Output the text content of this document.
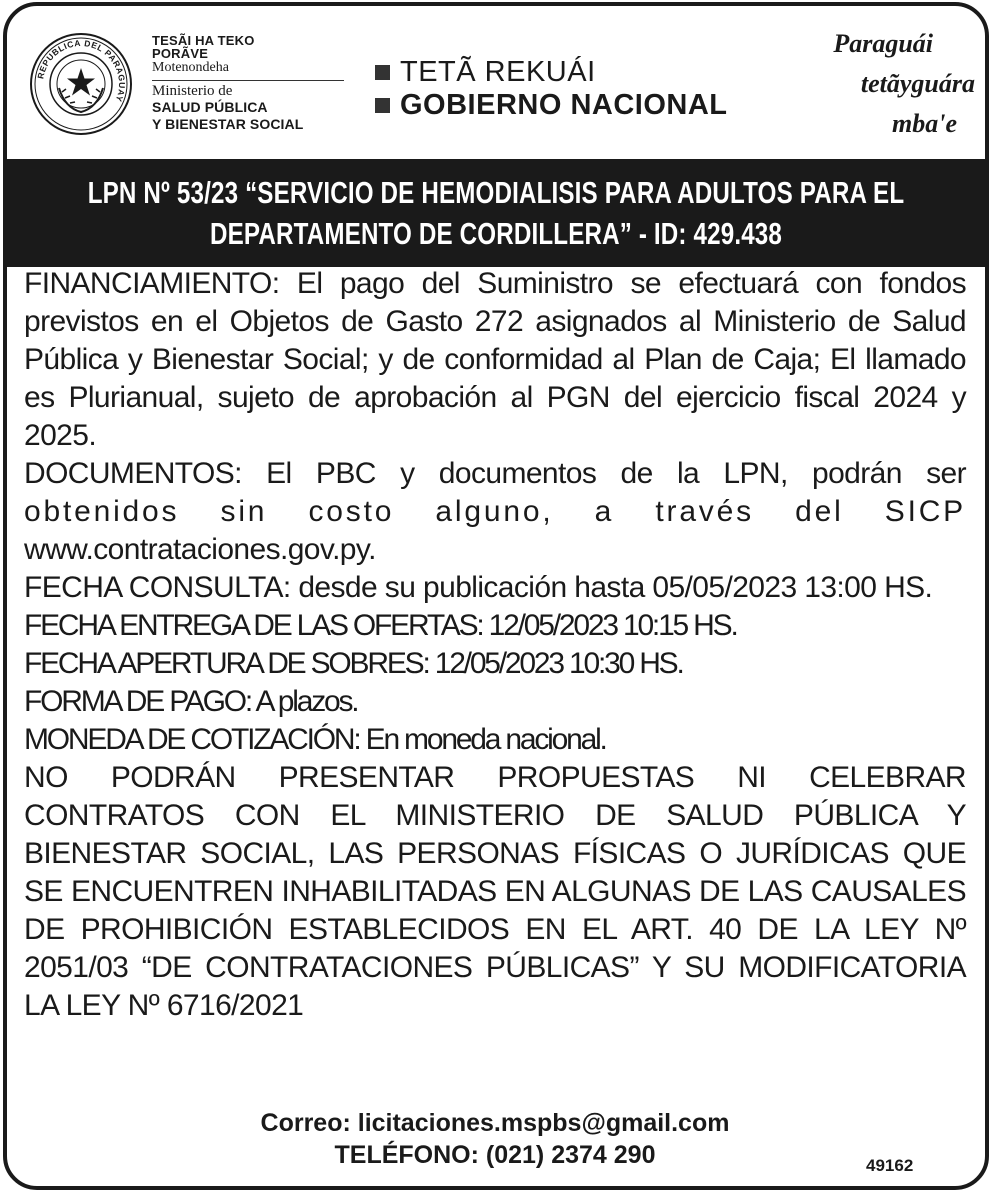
REPUBLICA DEL PARAGUAY
TESÃI HA TEKO
PORÃVE
Motenondeha
Ministerio de
SALUD PÚBLICA
Y BIENESTAR SOCIAL
TETÃ REKUÁI
GOBIERNO NACIONAL
Paraguái
tetãyguára
mba'e
LPN Nº 53/23 “SERVICIO DE HEMODIALISIS PARA ADULTOS PARA EL
DEPARTAMENTO DE CORDILLERA” - ID: 429.438

FINANCIAMIENTO: El pago del Suministro se efectuará con fondos previstos en el Objetos de Gasto 272 asignados al Ministerio de Salud Pública y Bienestar Social; y de conformidad al Plan de Caja; El llamado es Plurianual, sujeto de aprobación al PGN del ejercicio fiscal 2024 y 2025.

DOCUMENTOS: El PBC y documentos de la LPN, podrán ser

obtenidos sin costo alguno, a través del SICP

www.contrataciones.gov.py.

FECHA CONSULTA: desde su publicación hasta 05/05/2023 13:00 HS.

FECHA ENTREGA DE LAS OFERTAS: 12/05/2023 10:15 HS.

FECHA APERTURA DE SOBRES: 12/05/2023 10:30 HS.

FORMA DE PAGO: A plazos.

MONEDA DE COTIZACIÓN: En moneda nacional.

NO PODRÁN PRESENTAR PROPUESTAS NI CELEBRAR CONTRATOS CON EL MINISTERIO DE SALUD PÚBLICA Y BIENESTAR SOCIAL, LAS PERSONAS FÍSICAS O JURÍDICAS QUE SE ENCUENTREN INHABILITADAS EN ALGUNAS DE LAS CAUSALES DE PROHIBICIÓN ESTABLECIDOS EN EL ART. 40 DE LA LEY Nº 2051/03 “DE CONTRATACIONES PÚBLICAS” Y SU MODIFICATORIA LA LEY Nº 6716/2021

Correo: licitaciones.mspbs@gmail.com
TELÉFONO: (021) 2374 290	49162
